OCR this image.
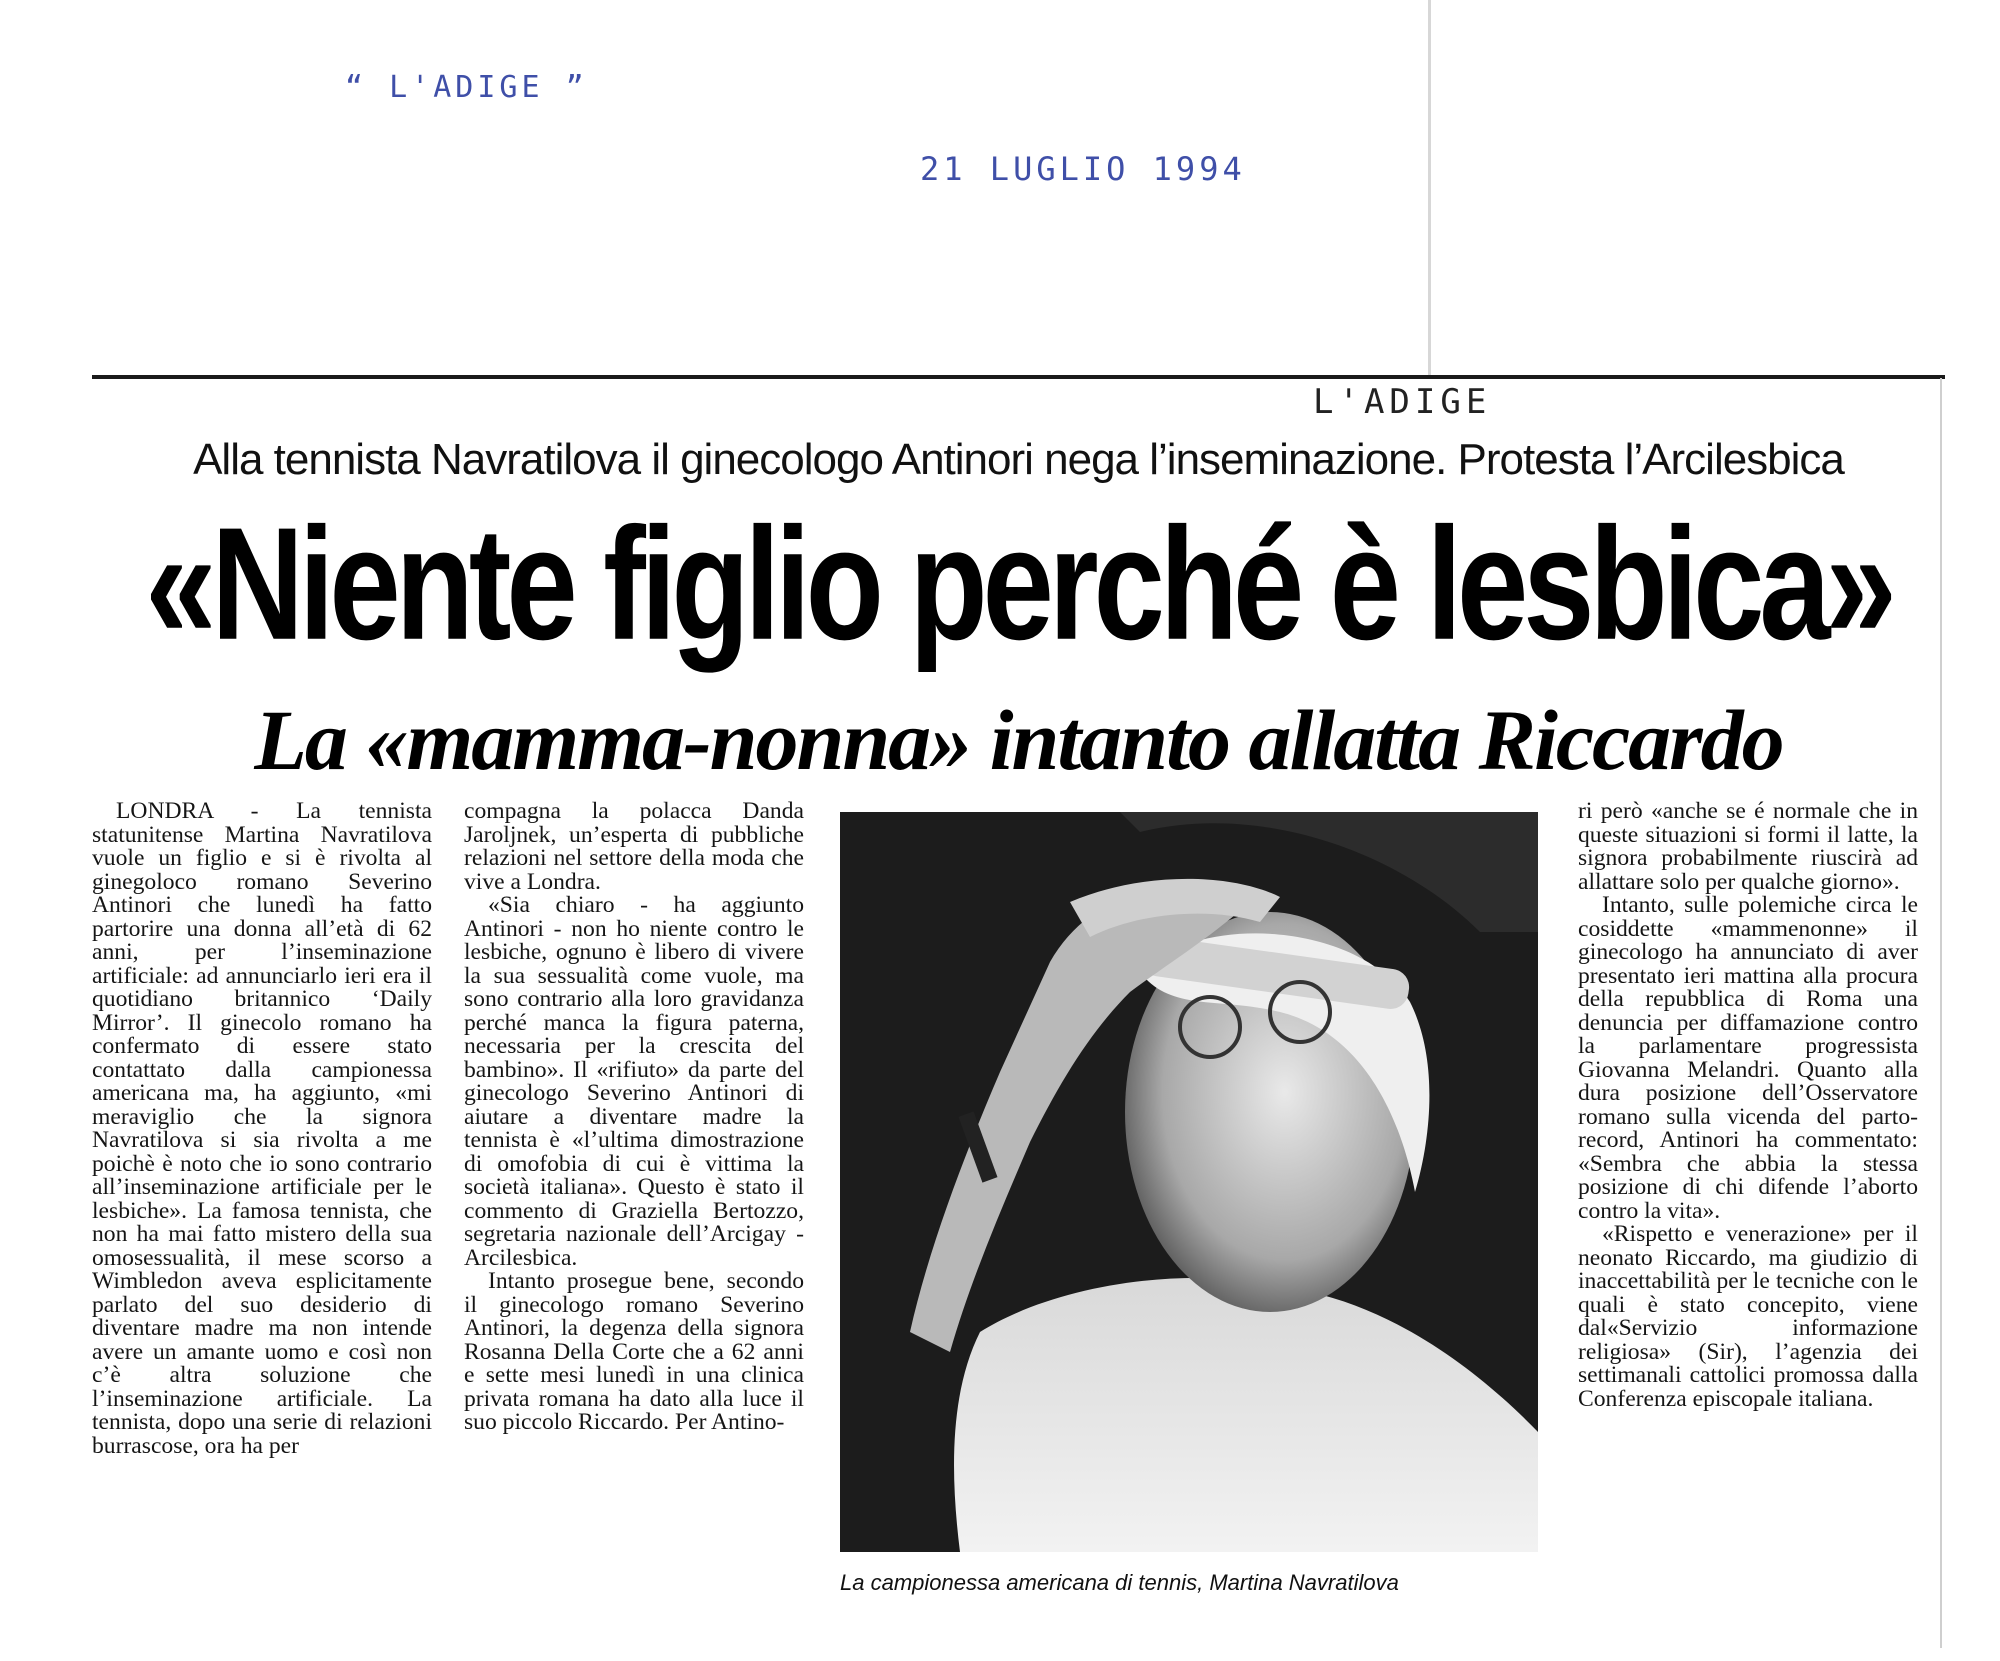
“ L'ADIGE ”
21 LUGLIO 1994
L'ADIGE
Alla tennista Navratilova il ginecologo Antinori nega l’inseminazione. Protesta l’Arcilesbica
«Niente figlio perché è lesbica»
La «mamma-nonna» intanto allatta Riccardo

LONDRA - La tennista statunitense Martina Navratilova vuole un figlio e si è rivolta al ginegoloco romano Severino Antinori che lunedì ha fatto partorire una donna all’età di 62 anni, per l’inseminazione artificiale: ad annunciarlo ieri era il quotidiano britannico ‘Daily Mirror’. Il ginecolo romano ha confermato di essere stato contattato dalla campionessa americana ma, ha aggiunto, «mi meraviglio che la signora Navratilova si sia rivolta a me poichè è noto che io sono contrario all’inseminazione artificiale per le lesbiche». La famosa tennista, che non ha mai fatto mistero della sua omosessualità, il mese scorso a Wimbledon aveva esplicitamente parlato del suo desiderio di diventare madre ma non intende avere un amante uomo e così non c’è altra soluzione che l’inseminazione artificiale. La tennista, dopo una serie di relazioni burrascose, ora ha per

compagna la polacca Danda Jaroljnek, un’esperta di pubbliche relazioni nel settore della moda che vive a Londra.

«Sia chiaro - ha aggiunto Antinori - non ho niente contro le lesbiche, ognuno è libero di vivere la sua sessualità come vuole, ma sono contrario alla loro gravidanza perché manca la figura paterna, necessaria per la crescita del bambino». Il «rifiuto» da parte del ginecologo Severino Antinori di aiutare a diventare madre la tennista è «l’ultima dimostrazione di omofobia di cui è vittima la società italiana». Questo è stato il commento di Graziella Bertozzo, segretaria nazionale dell’Arcigay - Arcilesbica.

Intanto prosegue bene, secondo il ginecologo romano Severino Antinori, la degenza della signora Rosanna Della Corte che a 62 anni e sette mesi lunedì in una clinica privata romana ha dato alla luce il suo piccolo Riccardo. Per Antino-

La campionessa americana di tennis, Martina Navratilova

ri però «anche se é normale che in queste situazioni si formi il latte, la signora probabilmente riuscirà ad allattare solo per qualche giorno».

Intanto, sulle polemiche circa le cosiddette «mammenonne» il ginecologo ha annunciato di aver presentato ieri mattina alla procura della repubblica di Roma una denuncia per diffamazione contro la parlamentare progressista Giovanna Melandri. Quanto alla dura posizione dell’Osservatore romano sulla vicenda del parto-record, Antinori ha commentato: «Sembra che abbia la stessa posizione di chi difende l’aborto contro la vita».

«Rispetto e venerazione» per il neonato Riccardo, ma giudizio di inaccettabilità per le tecniche con le quali è stato concepito, viene dal«Servizio informazione religiosa» (Sir), l’agenzia dei settimanali cattolici promossa dalla Conferenza episcopale italiana.
